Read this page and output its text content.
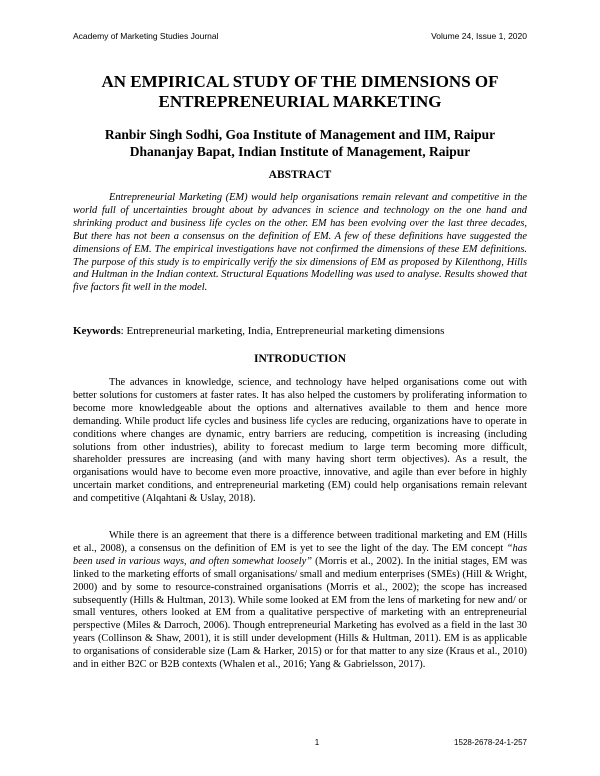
Academy of Marketing Studies Journal	Volume 24, Issue 1, 2020
AN EMPIRICAL STUDY OF THE DIMENSIONS OF
ENTREPRENEURIAL MARKETING
Ranbir Singh Sodhi, Goa Institute of Management and IIM, Raipur
Dhananjay Bapat, Indian Institute of Management, Raipur
ABSTRACT

Entrepreneurial Marketing (EM) would help organisations remain relevant and competitive in the world full of uncertainties brought about by advances in science and technology on the one hand and shrinking product and business life cycles on the other. EM has been evolving over the last three decades, But there has not been a consensus on the definition of EM. A few of these definitions have suggested the dimensions of EM. The empirical investigations have not confirmed the dimensions of these EM definitions. The purpose of this study is to empirically verify the six dimensions of EM as proposed by Kilenthong, Hills and Hultman in the Indian context. Structural Equations Modelling was used to analyse. Results showed that five factors fit well in the model.

Keywords: Entrepreneurial marketing, India, Entrepreneurial marketing dimensions

INTRODUCTION

The advances in knowledge, science, and technology have helped organisations come out with better solutions for customers at faster rates. It has also helped the customers by proliferating information to become more knowledgeable about the options and alternatives available to them and hence more demanding. While product life cycles and business life cycles are reducing, organizations have to operate in conditions where changes are dynamic, entry barriers are reducing, competition is increasing (including solutions from other industries), ability to forecast medium to large term becoming more difficult, shareholder pressures are increasing (and with many having short term objectives). As a result, the organisations would have to become even more proactive, innovative, and agile than ever before in highly uncertain market conditions, and entrepreneurial marketing (EM) could help organisations remain relevant and competitive (Alqahtani & Uslay, 2018).

While there is an agreement that there is a difference between traditional marketing and EM (Hills et al., 2008), a consensus on the definition of EM is yet to see the light of the day. The EM concept “has been used in various ways, and often somewhat loosely” (Morris et al., 2002). In the initial stages, EM was linked to the marketing efforts of small organisations/ small and medium enterprises (SMEs) (Hill & Wright, 2000) and by some to resource-constrained organisations (Morris et al., 2002); the scope has increased subsequently (Hills & Hultman, 2013). While some looked at EM from the lens of marketing for new and/ or small ventures, others looked at EM from a qualitative perspective of marketing with an entrepreneurial perspective (Miles & Darroch, 2006). Though entrepreneurial Marketing has evolved as a field in the last 30 years (Collinson & Shaw, 2001), it is still under development (Hills & Hultman, 2011). EM is as applicable to organisations of considerable size (Lam & Harker, 2015) or for that matter to any size (Kraus et al., 2010) and in either B2C or B2B contexts (Whalen et al., 2016; Yang & Gabrielsson, 2017).

1	1528-2678-24-1-257
